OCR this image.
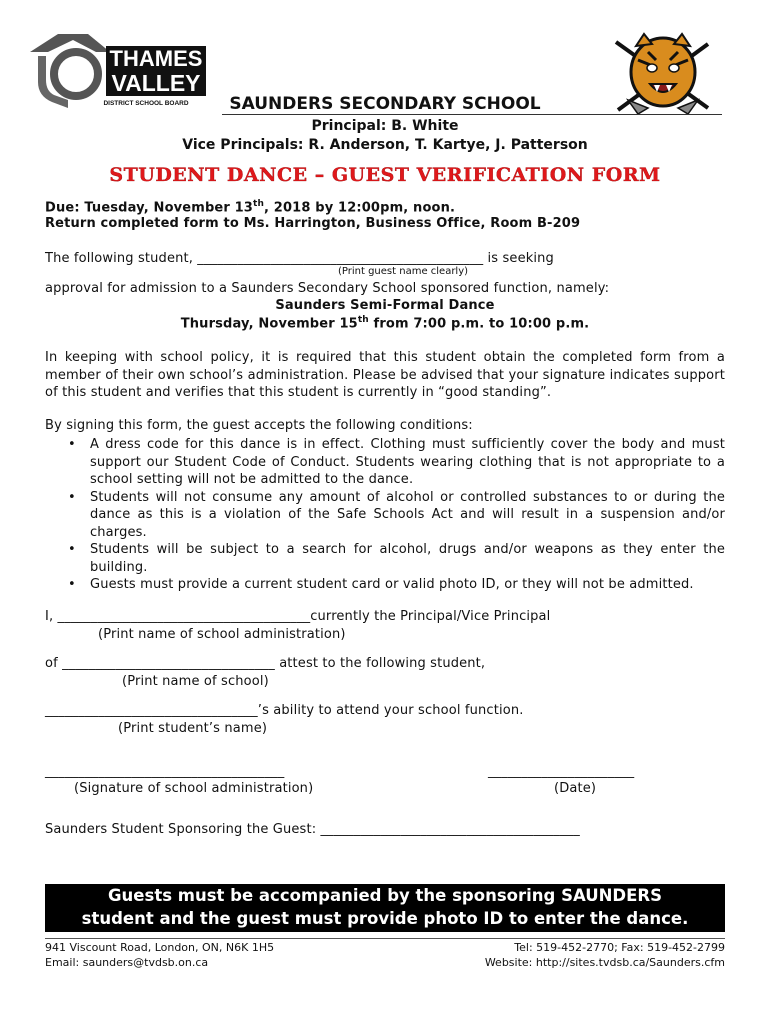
THAMES
VALLEY
DISTRICT SCHOOL BOARD	SAUNDERS SECONDARY SCHOOL
Principal: B. White
Vice Principals: R. Anderson, T. Kartye, J. Patterson
STUDENT DANCE – GUEST VERIFICATION FORM
Due: Tuesday, November 13th, 2018 by 12:00pm, noon.
Return completed form to Ms. Harrington, Business Office, Room B-209
The following student, ___________________________________________ is seeking
(Print guest name clearly)
approval for admission to a Saunders Secondary School sponsored function, namely:
Saunders Semi-Formal Dance
Thursday, November 15th from 7:00 p.m. to 10:00 p.m.
In keeping with school policy, it is required that this student obtain the completed form from a member of their own school’s administration. Please be advised that your signature indicates support of this student and verifies that this student is currently in “good standing”.
By signing this form, the guest accepts the following conditions:
• A dress code for this dance is in effect. Clothing must sufficiently cover the body and must support our Student Code of Conduct. Students wearing clothing that is not appropriate to a school setting will not be admitted to the dance.
• Students will not consume any amount of alcohol or controlled substances to or during the dance as this is a violation of the Safe Schools Act and will result in a suspension and/or charges.
• Students will be subject to a search for alcohol, drugs and/or weapons as they enter the building.
• Guests must provide a current student card or valid photo ID, or they will not be admitted.
I, ______________________________________currently the Principal/Vice Principal
(Print name of school administration)
of ________________________________ attest to the following student,
(Print name of school)
________________________________’s ability to attend your school function.
(Print student’s name)
____________________________________
(Signature of school administration)
______________________
(Date)
Saunders Student Sponsoring the Guest: _______________________________________
Guests must be accompanied by the sponsoring SAUNDERS
student and the guest must provide photo ID to enter the dance.
941 Viscount Road, London, ON, N6K 1H5
Email: saunders@tvdsb.on.ca
Tel: 519-452-2770; Fax: 519-452-2799
Website: http://sites.tvdsb.ca/Saunders.cfm
